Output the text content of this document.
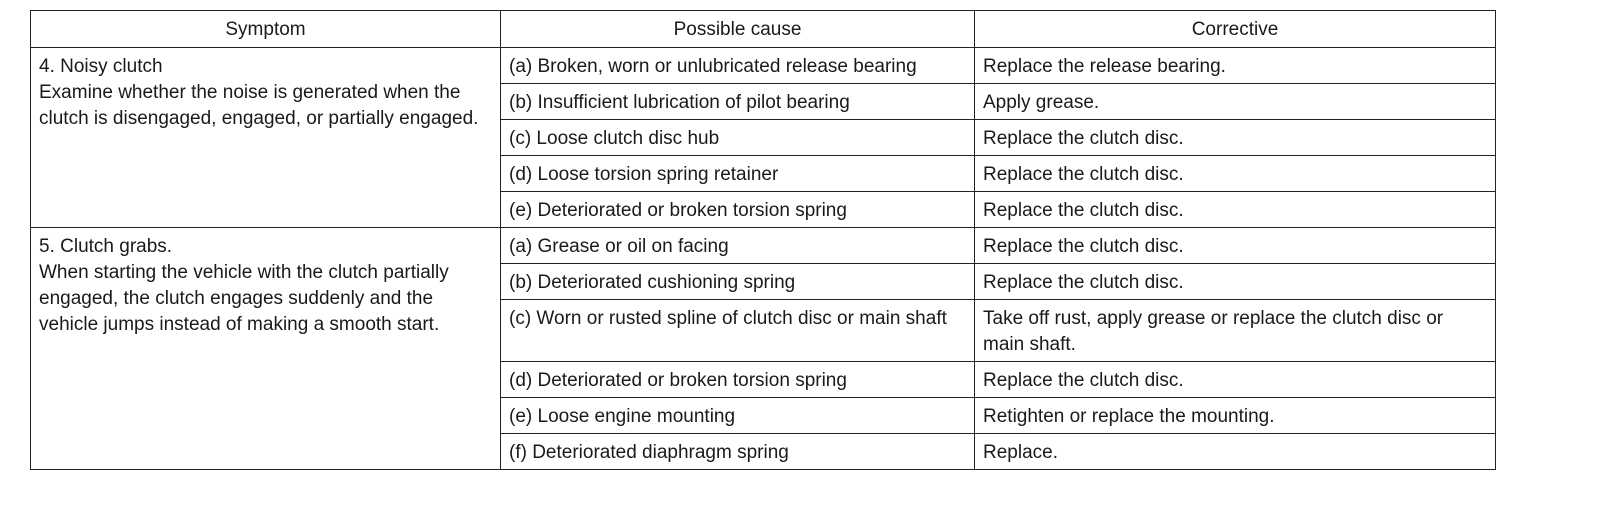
Symptom	Possible cause	Corrective
4. Noisy clutch
Examine whether the noise is generated when the clutch is disengaged, engaged, or partially engaged.	(a) Broken, worn or unlubricated release bearing	Replace the release bearing.
	(b) Insufficient lubrication of pilot bearing	Apply grease.
	(c) Loose clutch disc hub	Replace the clutch disc.
	(d) Loose torsion spring retainer	Replace the clutch disc.
	(e) Deteriorated or broken torsion spring	Replace the clutch disc.
5. Clutch grabs.
When starting the vehicle with the clutch partially engaged, the clutch engages suddenly and the vehicle jumps instead of making a smooth start.	(a) Grease or oil on facing	Replace the clutch disc.
	(b) Deteriorated cushioning spring	Replace the clutch disc.
	(c) Worn or rusted spline of clutch disc or main shaft	Take off rust, apply grease or replace the clutch disc or main shaft.
	(d) Deteriorated or broken torsion spring	Replace the clutch disc.
	(e) Loose engine mounting	Retighten or replace the mounting.
	(f) Deteriorated diaphragm spring	Replace.
